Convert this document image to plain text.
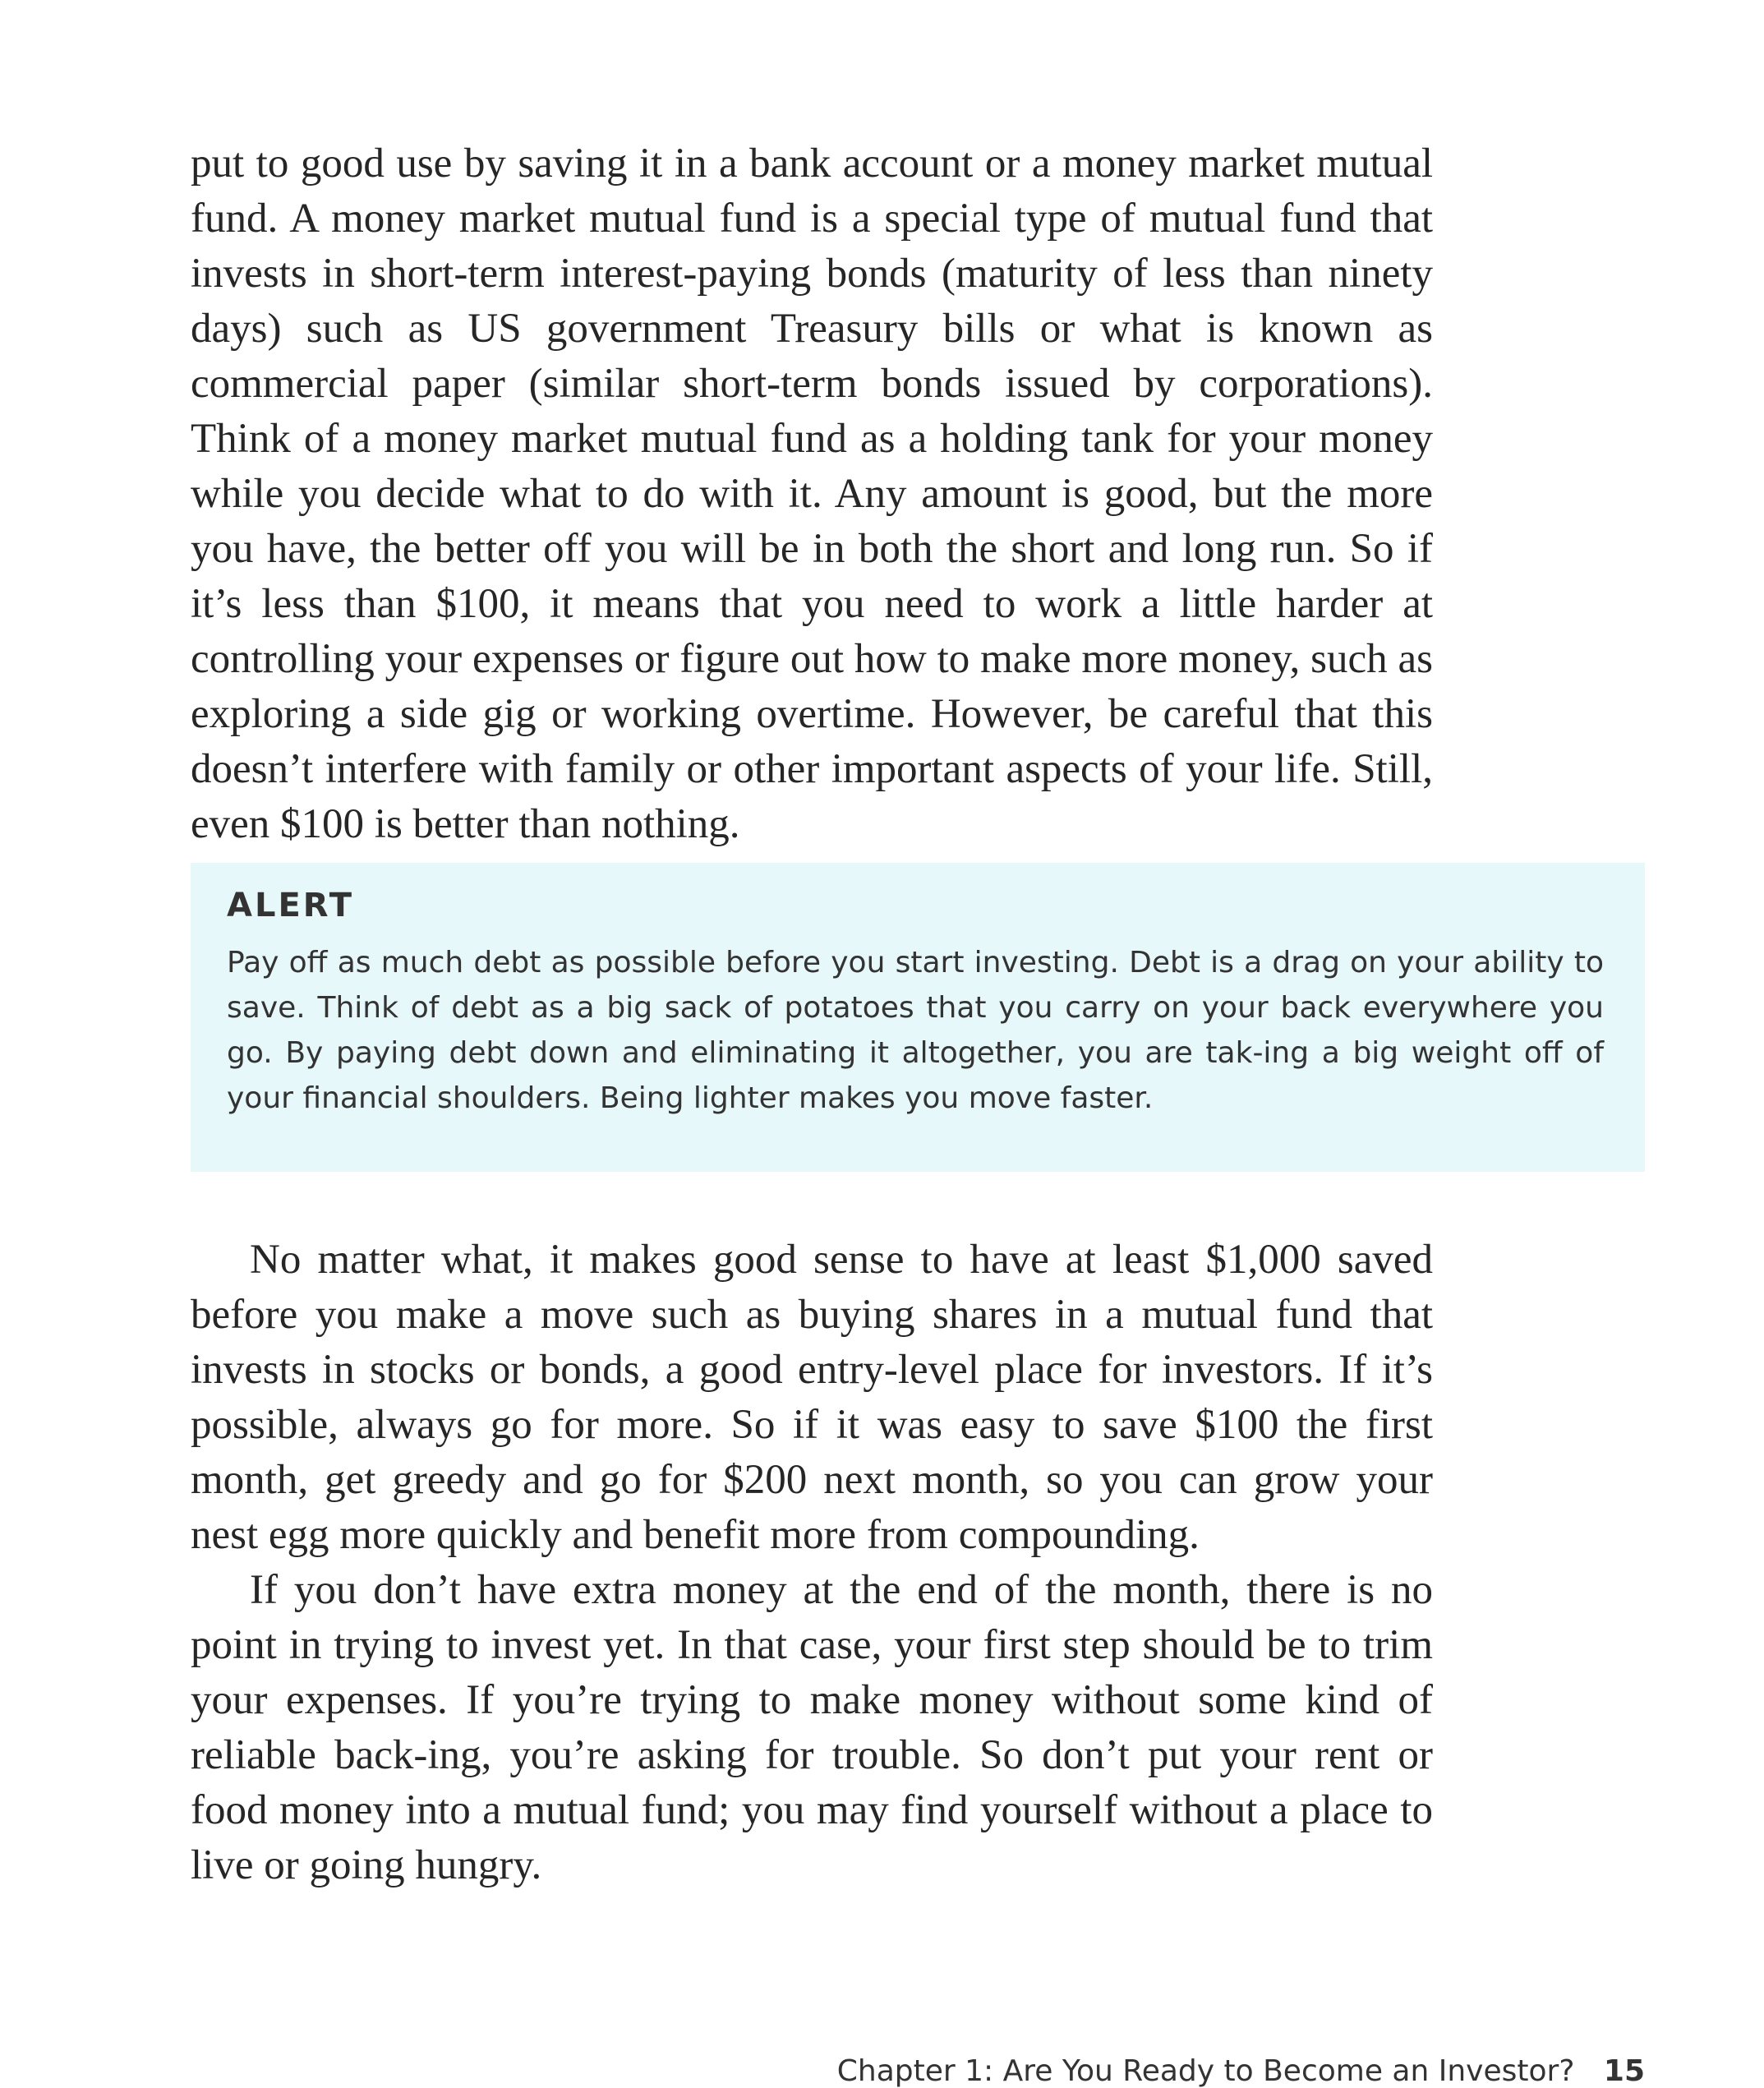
put to good use by saving it in a bank account or a money market mutual fund. A money market mutual fund is a special type of mutual fund that invests in short-term interest-paying bonds (maturity of less than ninety days) such as US government Treasury bills or what is known as commercial paper (similar short-term bonds issued by corporations). Think of a money market mutual fund as a holding tank for your money while you decide what to do with it. Any amount is good, but the more you have, the better off you will be in both the short and long run. So if it’s less than $100, it means that you need to work a little harder at controlling your expenses or figure out how to make more money, such as exploring a side gig or working overtime. However, be careful that this doesn’t interfere with family or other important aspects of your life. Still, even $100 is better than nothing.

ALERT

Pay off as much debt as possible before you start investing. Debt is a drag on your ability to save. Think of debt as a big sack of potatoes that you carry on your back everywhere you go. By paying debt down and eliminating it altogether, you are tak-ing a big weight off of your financial shoulders. Being lighter makes you move faster.

No matter what, it makes good sense to have at least $1,000 saved before you make a move such as buying shares in a mutual fund that invests in stocks or bonds, a good entry-level place for investors. If it’s possible, always go for more. So if it was easy to save $100 the first month, get greedy and go for $200 next month, so you can grow your nest egg more quickly and benefit more from compounding.

If you don’t have extra money at the end of the month, there is no point in trying to invest yet. In that case, your first step should be to trim your expenses. If you’re trying to make money without some kind of reliable back-ing, you’re asking for trouble. So don’t put your rent or food money into a mutual fund; you may find yourself without a place to live or going hungry.

Chapter 1: Are You Ready to Become an Investor? 15
